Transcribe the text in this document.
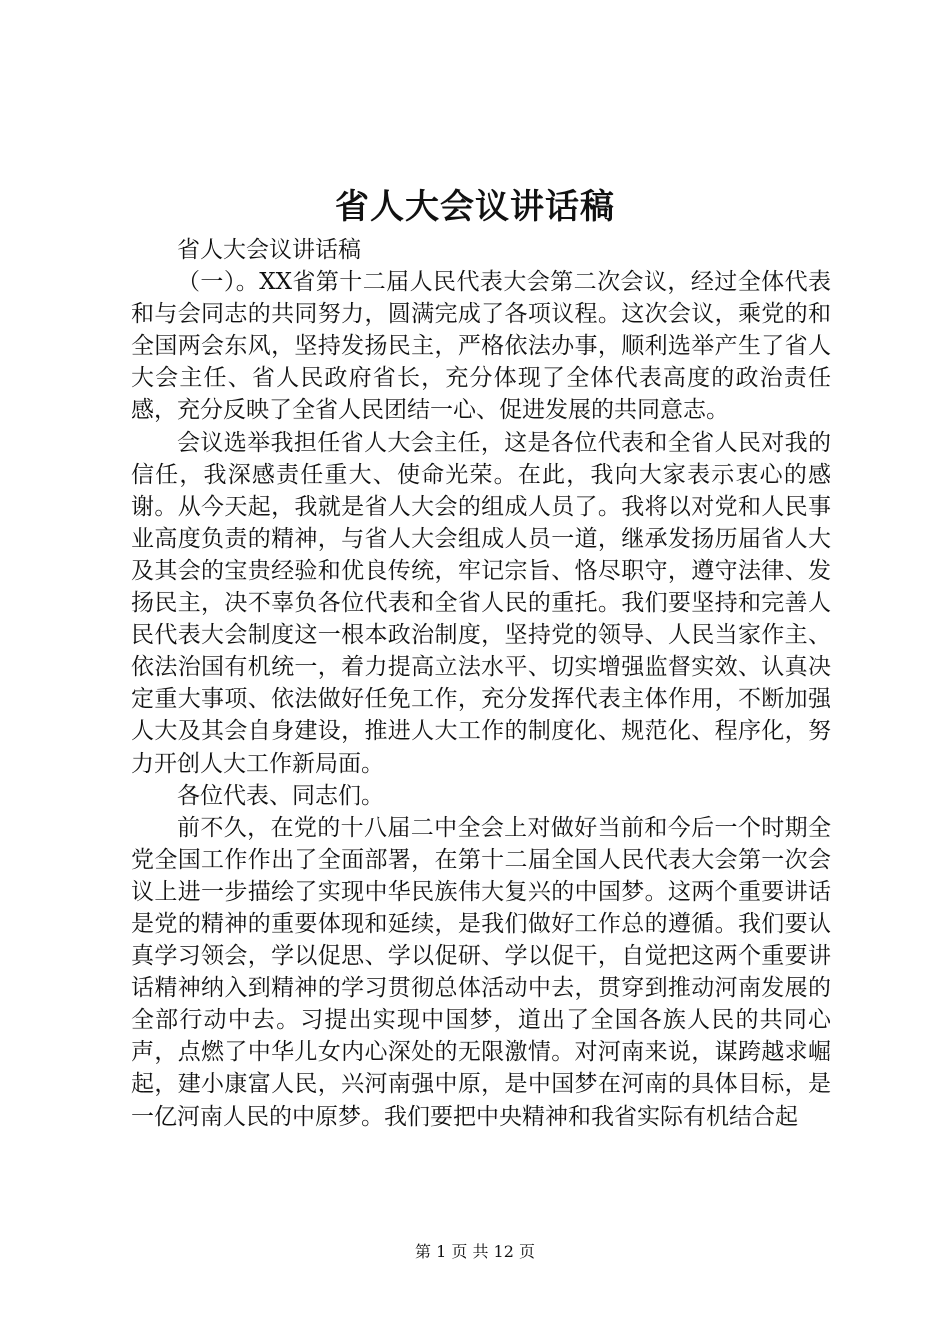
省人大会议讲话稿

省人大会议讲话稿

（一）。XX省第十二届人民代表大会第二次会议，经过全体代表和与会同志的共同努力，圆满完成了各项议程。这次会议，乘党的和全国两会东风，坚持发扬民主，严格依法办事，顺利选举产生了省人大会主任、省人民政府省长，充分体现了全体代表高度的政治责任感，充分反映了全省人民团结一心、促进发展的共同意志。

会议选举我担任省人大会主任，这是各位代表和全省人民对我的信任，我深感责任重大、使命光荣。在此，我向大家表示衷心的感谢。从今天起，我就是省人大会的组成人员了。我将以对党和人民事业高度负责的精神，与省人大会组成人员一道，继承发扬历届省人大及其会的宝贵经验和优良传统，牢记宗旨、恪尽职守，遵守法律、发扬民主，决不辜负各位代表和全省人民的重托。我们要坚持和完善人民代表大会制度这一根本政治制度，坚持党的领导、人民当家作主、依法治国有机统一，着力提高立法水平、切实增强监督实效、认真决定重大事项、依法做好任免工作，充分发挥代表主体作用，不断加强人大及其会自身建设，推进人大工作的制度化、规范化、程序化，努力开创人大工作新局面。

各位代表、同志们。

前不久，在党的十八届二中全会上对做好当前和今后一个时期全党全国工作作出了全面部署，在第十二届全国人民代表大会第一次会议上进一步描绘了实现中华民族伟大复兴的中国梦。这两个重要讲话是党的精神的重要体现和延续，是我们做好工作总的遵循。我们要认真学习领会，学以促思、学以促研、学以促干，自觉把这两个重要讲话精神纳入到精神的学习贯彻总体活动中去，贯穿到推动河南发展的全部行动中去。习提出实现中国梦，道出了全国各族人民的共同心声，点燃了中华儿女内心深处的无限激情。对河南来说，谋跨越求崛起，建小康富人民，兴河南强中原，是中国梦在河南的具体目标，是一亿河南人民的中原梦。我们要把中央精神和我省实际有机结合起

第 1 页 共 12 页
